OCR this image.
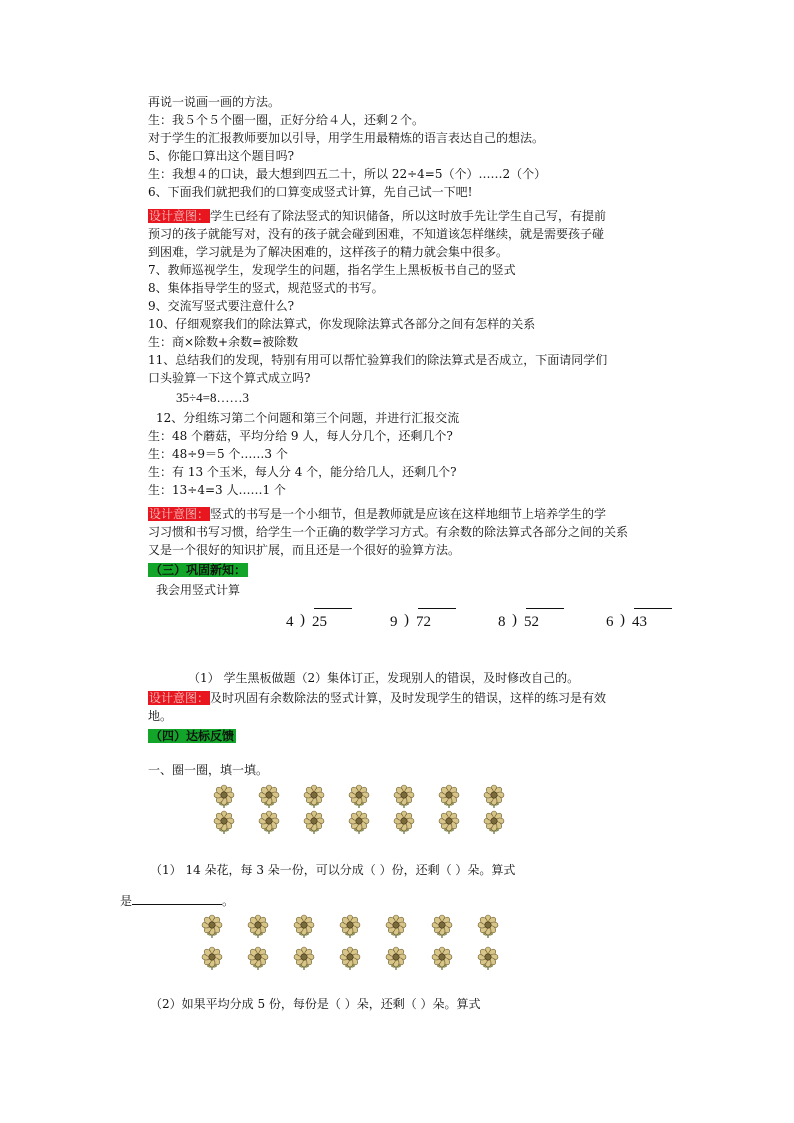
再说一说画一画的方法。
生：我５个５个圈一圈，正好分给４人，还剩２个。
对于学生的汇报教师要加以引导，用学生用最精炼的语言表达自己的想法。
5、你能口算出这个题目吗?
生：我想４的口诀，最大想到四五二十，所以 22÷4=5（个）……2（个）
6、下面我们就把我们的口算变成竖式计算，先自己试一下吧!
设计意图：学生已经有了除法竖式的知识储备，所以这时放手先让学生自己写，有提前
预习的孩子就能写对，没有的孩子就会碰到困难，不知道该怎样继续，就是需要孩子碰
到困难，学习就是为了解决困难的，这样孩子的精力就会集中很多。
7、教师巡视学生，发现学生的问题，指名学生上黑板板书自己的竖式
8、集体指导学生的竖式，规范竖式的书写。
9、交流写竖式要注意什么?
10、仔细观察我们的除法算式，你发现除法算式各部分之间有怎样的关系
生：商×除数+余数=被除数
11、总结我们的发现，特别有用可以帮忙验算我们的除法算式是否成立，下面请同学们
口头验算一下这个算式成立吗?
35÷4=8……3
12、分组练习第二个问题和第三个问题，并进行汇报交流
生：48 个蘑菇，平均分给 9 人，每人分几个，还剩几个?
生：48÷9＝5 个……3 个
生：有 13 个玉米，每人分 4 个，能分给几人，还剩几个?
生：13÷4=3 人……1 个
设计意图：竖式的书写是一个小细节，但是教师就是应该在这样地细节上培养学生的学
习习惯和书写习惯，给学生一个正确的数学学习方式。有余数的除法算式各部分之间的关系
又是一个很好的知识扩展，而且还是一个很好的验算方法。
（三）巩固新知：
我会用竖式计算
4 ) 25	9 ) 72	8 ) 52	6 ) 43
（1） 学生黑板做题（2）集体订正，发现别人的错误，及时修改自己的。
设计意图：及时巩固有余数除法的竖式计算，及时发现学生的错误，这样的练习是有效
地。
（四）达标反馈
一、圈一圈，填一填。
（1） 14 朵花，每 3 朵一份，可以分成（ ）份，还剩（ ）朵。算式
是	。
（2）如果平均分成 5 份，每份是（ ）朵，还剩（ ）朵。算式
